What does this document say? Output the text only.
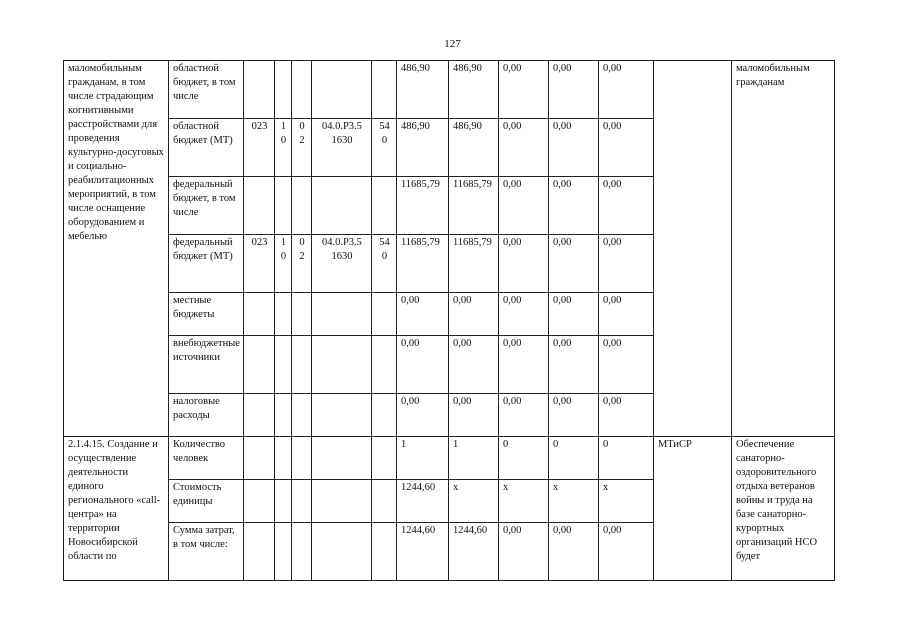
127
маломобильным гражданам, в том числе страдающим когнитивными расстройствами для проведения культурно-досуговых и социально-реабилитационных мероприятий, в том числе оснащение оборудованием и мебелью	областной бюджет, в том числе						486,90	486,90	0,00	0,00	0,00		маломобильным гражданам
	областной бюджет (МТ)	023	1 0	0 2	04.0.Р3.5 1630	54 0	486,90	486,90	0,00	0,00	0,00		
	федеральный бюджет, в том числе						11685,79	11685,79	0,00	0,00	0,00		
	федеральный бюджет (МТ)	023	1 0	0 2	04.0.Р3.5 1630	54 0	11685,79	11685,79	0,00	0,00	0,00		
	местные бюджеты						0,00	0,00	0,00	0,00	0,00		
	внебюджетные источники						0,00	0,00	0,00	0,00	0,00		
	налоговые расходы						0,00	0,00	0,00	0,00	0,00		
2.1.4.15. Создание и осуществление деятельности единого регионального «call-центра» на территории Новосибирской области по	Количество человек						1	1	0	0	0	МТиСР	Обеспечение санаторно-оздоровительного отдыха ветеранов войны и труда на базе санаторно-курортных организаций НСО будет
	Стоимость единицы						1244,60	x	x	x	x		
	Сумма затрат, в том числе:						1244,60	1244,60	0,00	0,00	0,00		
